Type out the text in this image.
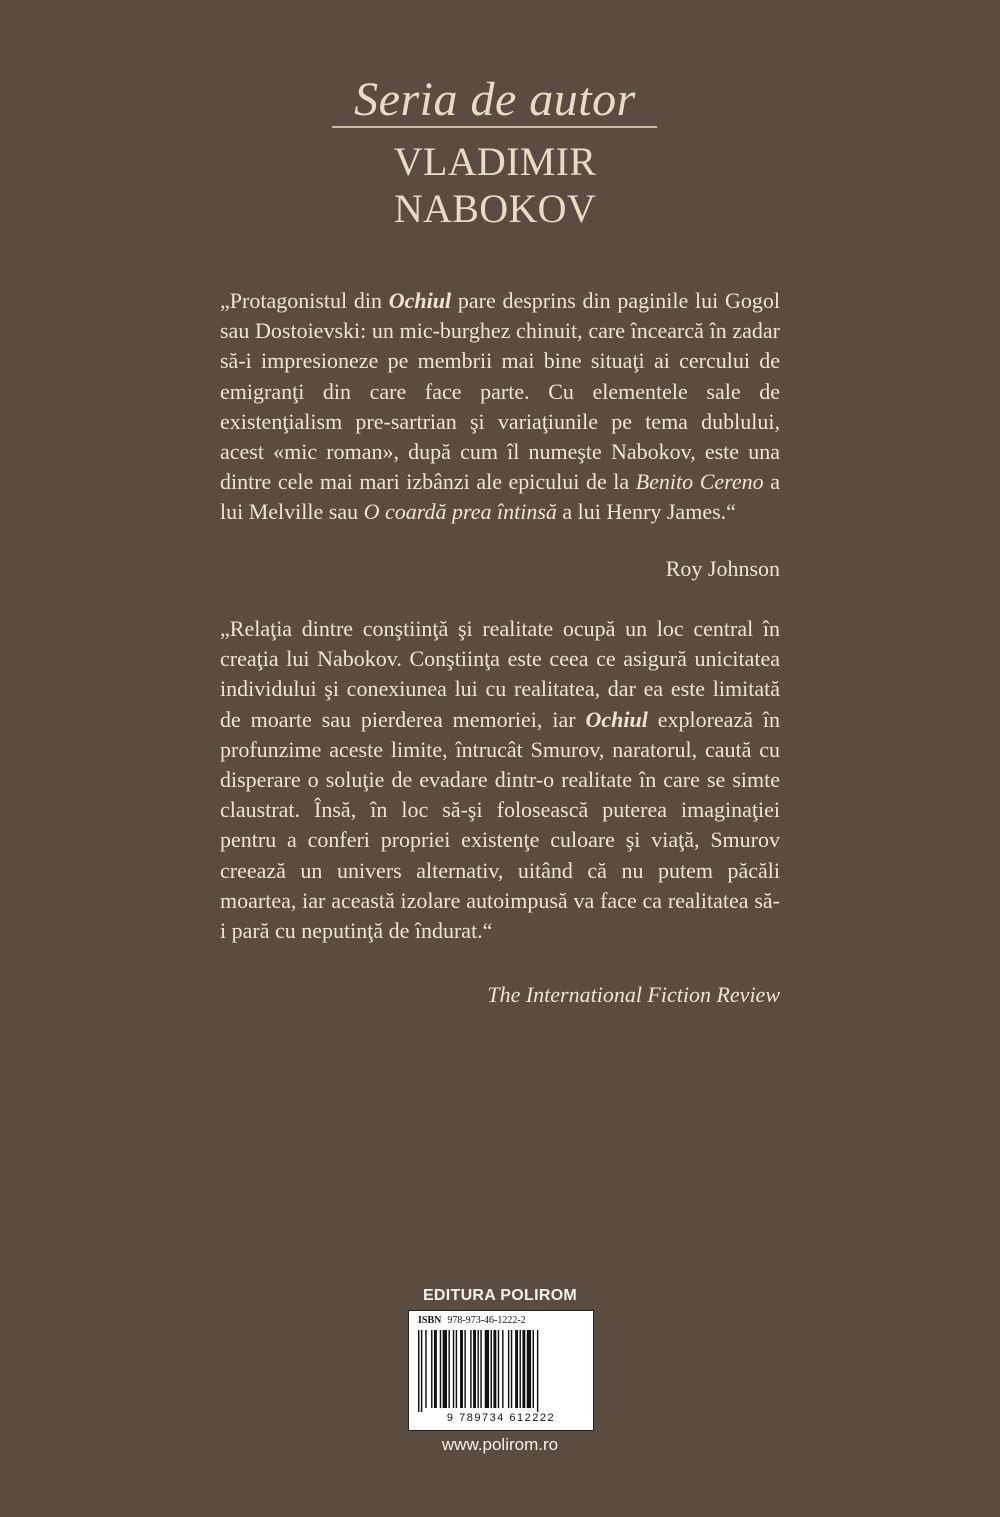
Seria de autor
VLADIMIR NABOKOV
„Protagonistul din Ochiul pare desprins din paginile lui Gogol sau Dostoievski: un mic-burghez chinuit, care încearcă în zadar să-i impresioneze pe membrii mai bine situaţi ai cercului de emigranţi din care face parte. Cu elementele sale de existenţialism pre-sartrian şi variaţiunile pe tema dublului, acest «mic roman», după cum îl numeşte Nabokov, este una dintre cele mai mari izbânzi ale epicului de la Benito Cereno a lui Melville sau O coardă prea întinsă a lui Henry James.“
Roy Johnson
„Relaţia dintre conştiinţă şi realitate ocupă un loc central în creaţia lui Nabokov. Conştiinţa este ceea ce asigură unicitatea individului şi conexiunea lui cu realitatea, dar ea este limitată de moarte sau pierderea memoriei, iar Ochiul explorează în profunzime aceste limite, întrucât Smurov, naratorul, caută cu disperare o soluţie de evadare dintr-o realitate în care se simte claustrat. Însă, în loc să-şi folosească puterea imaginaţiei pentru a conferi propriei existenţe culoare şi viaţă, Smurov creează un univers alternativ, uitând că nu putem păcăli moartea, iar această izolare autoimpusă va face ca realitatea să-i pară cu neputinţă de îndurat.“
The International Fiction Review
EDITURA POLIROM
ISBN 978-973-46-1222-2
9 789734 612222
www.polirom.ro
